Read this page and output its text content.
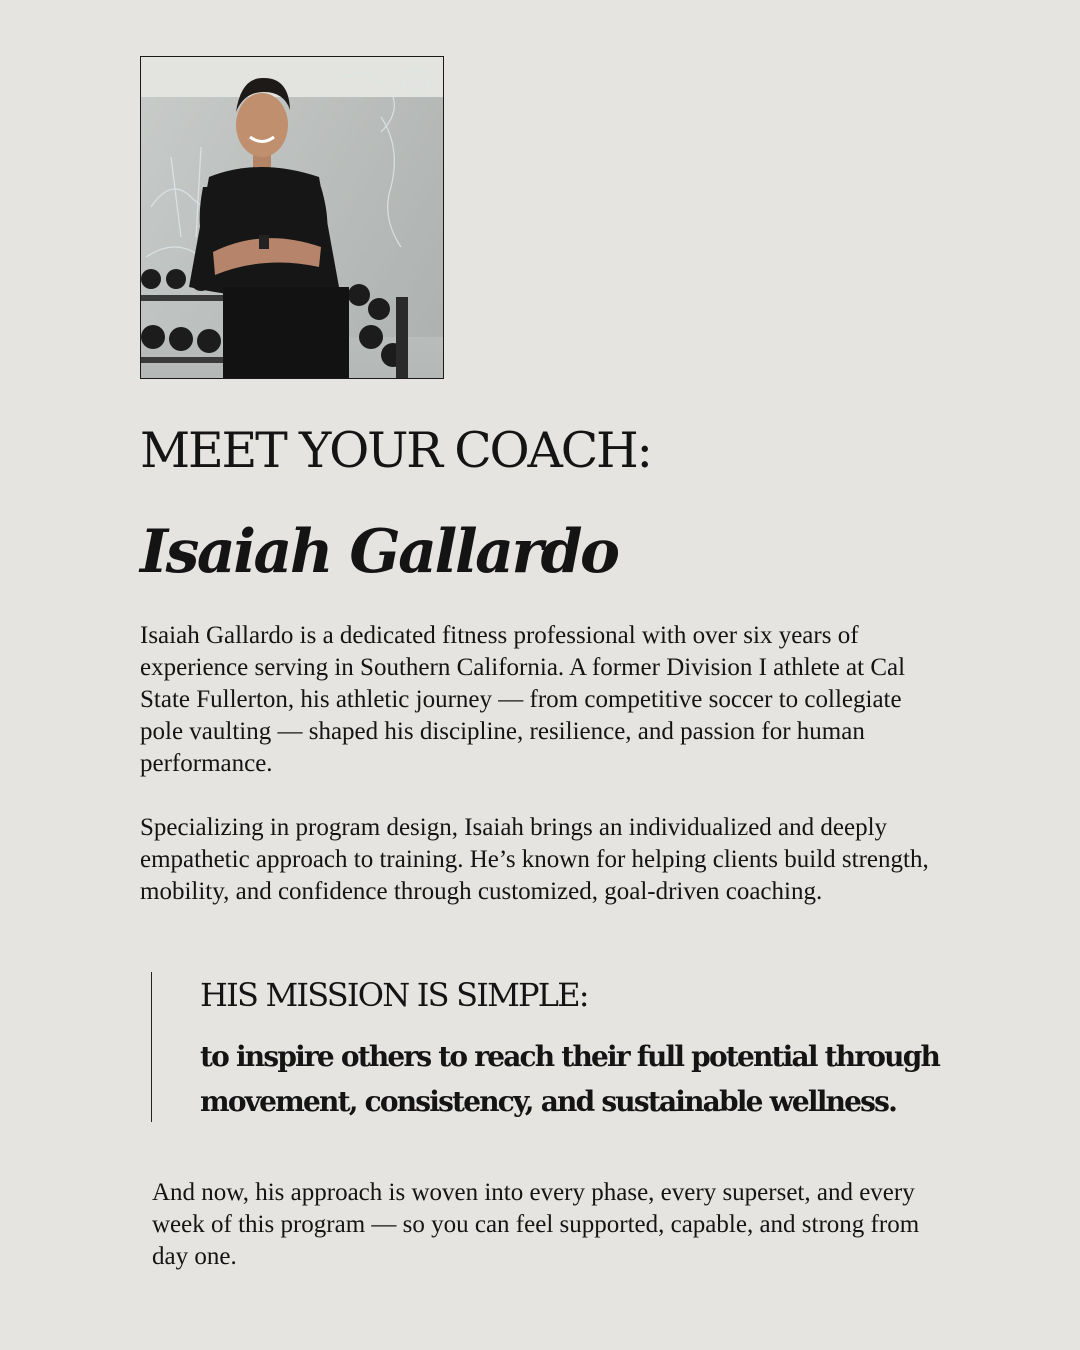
MEET YOUR COACH:
Isaiah Gallardo

Isaiah Gallardo is a dedicated fitness professional with over six years of experience serving in Southern California. A former Division I athlete at Cal State Fullerton, his athletic journey — from competitive soccer to collegiate pole vaulting — shaped his discipline, resilience, and passion for human performance.

Specializing in program design, Isaiah brings an individualized and deeply empathetic approach to training. He’s known for helping clients build strength, mobility, and confidence through customized, goal-driven coaching.

HIS MISSION IS SIMPLE:

to inspire others to reach their full potential through movement, consistency, and sustainable wellness.

And now, his approach is woven into every phase, every superset, and every week of this program — so you can feel supported, capable, and strong from day one.
